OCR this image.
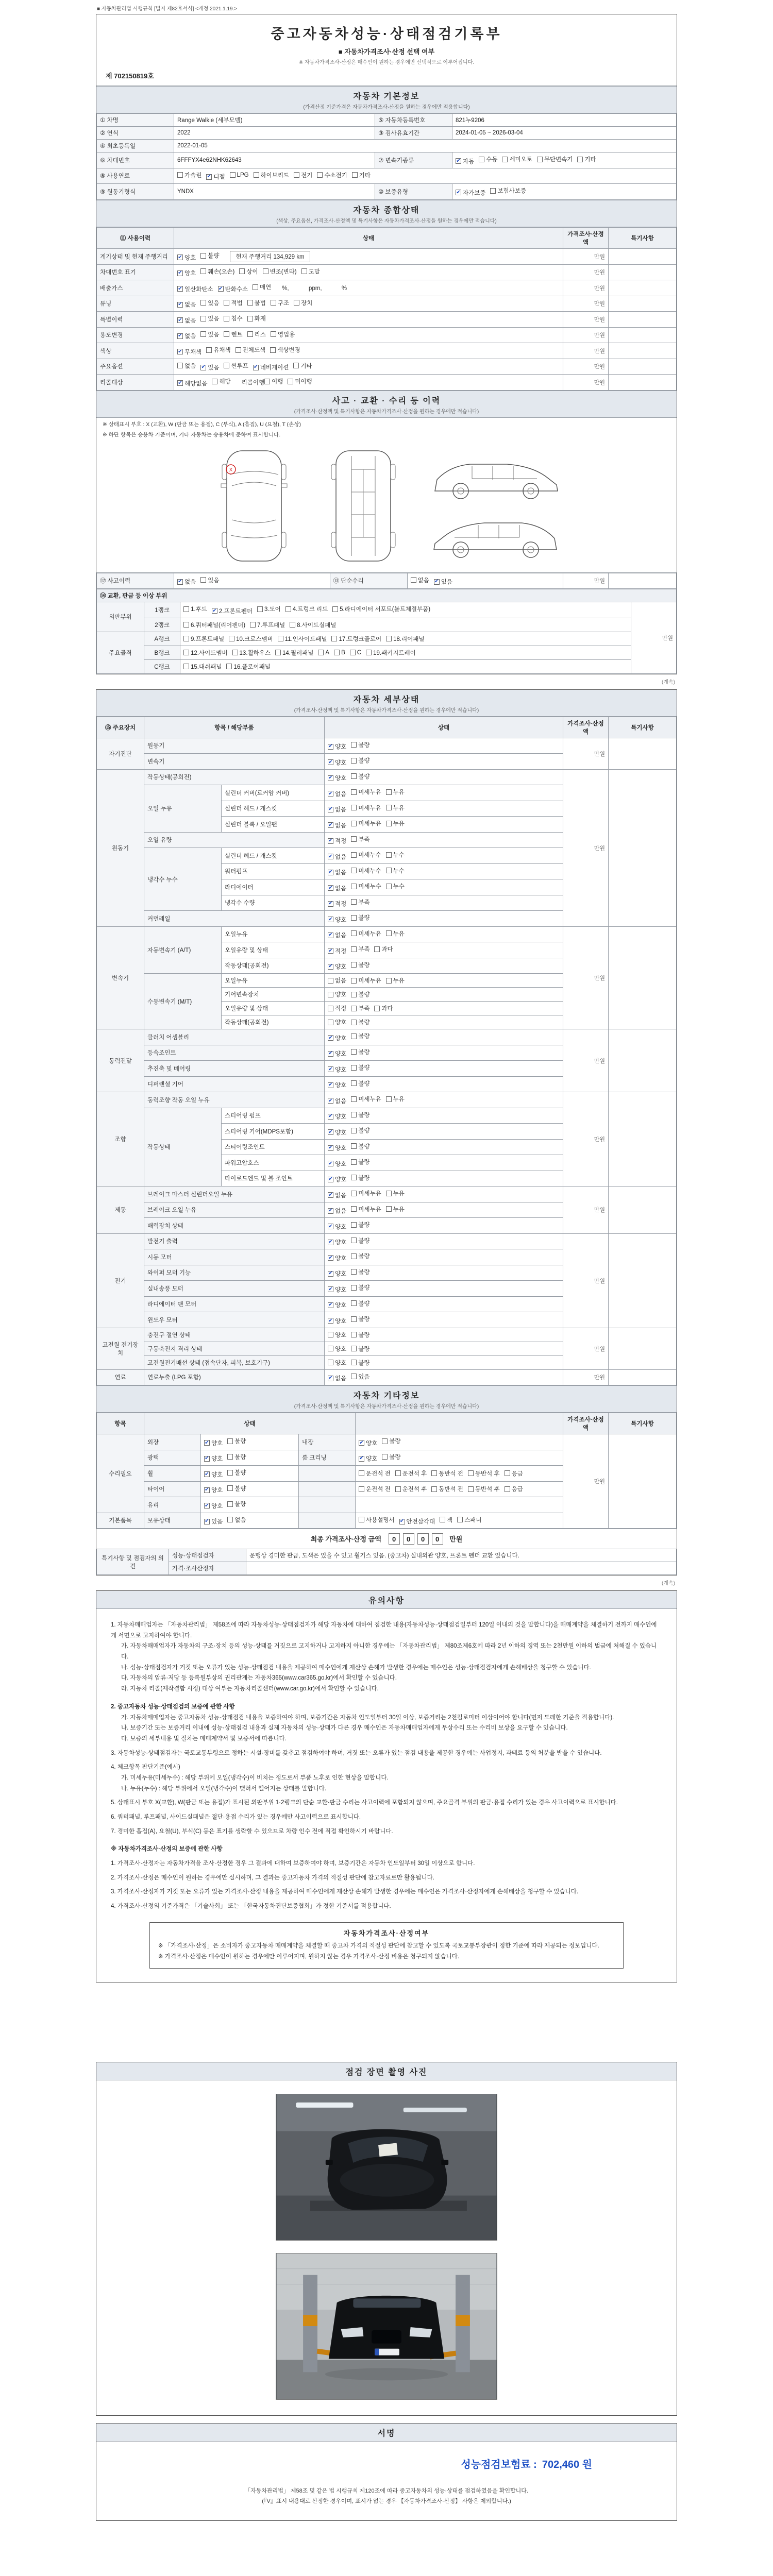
■ 자동차관리법 시행규칙 [별지 제82호서식] <개정 2021.1.19.>
중고자동차성능·상태점검기록부
■ 자동차가격조사·산정 선택 여부
※ 자동차가격조사·산정은 매수인이 원하는 경우에만 선택적으로 이루어집니다.
제 702150819호
자동차 기본정보
(가격산정 기준가격은 자동차가격조사·산정을 원하는 경우에만 적용합니다)
① 차명	Range Walkie (세부모델)	⑤ 자동차등록번호	821누9206
② 연식	2022	③ 검사유효기간	2024-01-05 ~ 2026-03-04
④ 최초등록일	2022-01-05		
⑥ 차대번호	6FFFYX4e62NHK62643	⑦ 변속기종류	✔ 자동 수동 세미오토 무단변속기 기타

⑧ 사용연료	가솔린 ✔ 디젤 LPG 하이브리드 전기 수소전기 기타

⑨ 원동기형식	YNDX	⑩ 보증유형	✔ 자가보증 보험사보증
자동차 종합상태
(색상, 주요옵션, 가격조사·산정액 및 특기사항은 자동차가격조사·산정을 원하는 경우에만 적습니다)
⑪ 사용이력	상태	가격조사·산정액	특기사항
계기상태 및 현재 주행거리	✔ 양호 불량 현재 주행거리 134,929 km	만원	
차대번호 표기	✔ 양호 훼손(오손) 상이 변조(변타) 도말	만원	
배출가스	✔ 일산화탄소 ✔ 탄화수소 매연 %,            ppm,            %	만원	
튜닝	✔ 없음 있음 적법 불법 구조 장치	만원	
특별이력	✔ 없음 있음 침수 화재	만원	
용도변경	✔ 없음 있음 렌트 리스 영업용	만원	
색상	✔ 무채색 유채색 전체도색 색상변경	만원	
주요옵션	없음 ✔ 있음 썬루프 ✔ 네비게이션 기타	만원	
리콜대상	✔ 해당없음 해당 리콜이행 이행 미이행	만원	
사고 · 교환 · 수리 등 이력
(가격조사·산정액 및 특기사항은 자동차가격조사·산정을 원하는 경우에만 적습니다)
※ 상태표시 부호 : X (교환), W (판금 또는 용접), C (부식), A (흠집), U (요철), T (손상)
※ 하단 항목은 승용차 기준이며, 기타 자동차는 승용차에 준하여 표시합니다.
X
⑫ 사고이력	✔ 없음 있음	⑬ 단순수리	없음 ✔ 있음	만원	
⑭ 교환, 판금 등 이상 부위			
외판부위	1랭크	1.후드 ✔ 2.프론트펜더 3.도어 4.트렁크 리드 5.라디에이터 서포트(볼트체결부품)
	만원
	2랭크	6.쿼터패널(리어펜더) 7.루프패널 8.사이드실패널	

주요골격	A랭크	9.프론트패널 10.크로스멤버 11.인사이드패널 17.트렁크플로어 18.리어패널	

B랭크	12.사이드멤버 13.휠하우스 14.필러패널 A B C 19.패키지트레이

	C랭크	15.대쉬패널 16.플로어패널	
(계속)
자동차 세부상태
(가격조사·산정액 및 특기사항은 자동차가격조사·산정을 원하는 경우에만 적습니다)
⑮ 주요장치	항목 / 해당부품		상태	가격조사·산정액	특기사항
자기진단	원동기		✔ 양호 불량	만원	
	변속기		✔ 양호 불량		

원동기	작동상태(공회전)		✔ 양호 불량	만원	
	오일 누유	실린더 커버(로커암 커버)	✔ 없음 미세누유 누유		

		실린더 헤드 / 개스킷	✔ 없음 미세누유 누유		

		실린더 블록 / 오일팬	✔ 없음 미세누유 누유		

	오일 유량		✔ 적정 부족		

	냉각수 누수	실린더 헤드 / 개스킷	✔ 없음 미세누수 누수		

		워터펌프	✔ 없음 미세누수 누수		

		라디에이터	✔ 없음 미세누수 누수		

		냉각수 수량	✔ 적정 부족		

	커먼레일		✔ 양호 불량		

변속기	자동변속기 (A/T)	오일누유	✔ 없음 미세누유 누유	만원	
		오일유량 및 상태	✔ 적정 부족 과다		

		작동상태(공회전)	✔ 양호 불량		

	수동변속기 (M/T)	오일누유	없음 미세누유 누유		

		기어변속장치	양호 불량		

		오일유량 및 상태	적정 부족 과다		

		작동상태(공회전)	양호 불량		

동력전달	클러치 어셈블리		✔ 양호 불량	만원	
	등속조인트		✔ 양호 불량		

	추진축 및 베어링		✔ 양호 불량		

	디퍼렌셜 기어		✔ 양호 불량		

조향	동력조향 작동 오일 누유		✔ 없음 미세누유 누유	만원	
	작동상태	스티어링 펌프	✔ 양호 불량		

		스티어링 기어(MDPS포함)	✔ 양호 불량		

		스티어링조인트	✔ 양호 불량		

		파워고압호스	✔ 양호 불량		

		타이로드엔드 및 볼 조인트	✔ 양호 불량		

제동	브레이크 마스터 실린더오일 누유		✔ 없음 미세누유 누유	만원	
	브레이크 오일 누유		✔ 없음 미세누유 누유		

	배력장치 상태		✔ 양호 불량		

전기	발전기 출력		✔ 양호 불량	만원	
	시동 모터		✔ 양호 불량		

	와이퍼 모터 기능		✔ 양호 불량		

	실내송풍 모터		✔ 양호 불량		

	라디에이터 팬 모터		✔ 양호 불량		

	윈도우 모터		✔ 양호 불량		

고전원 전기장치	충전구 절연 상태		양호 불량	만원	
	구동축전지 격리 상태		양호 불량		

	고전원전기배선 상태 (접속단자, 피복, 보호기구)		양호 불량		

연료	연료누출 (LPG 포함)		✔ 없음 있음	만원	
자동차 기타정보
(가격조사·산정액 및 특기사항은 자동차가격조사·산정을 원하는 경우에만 적습니다)
항목	상태				가격조사·산정액	특기사항
수리필요	외장	✔ 양호 불량	내장	✔ 양호 불량	만원	
	광택	✔ 양호 불량	룸 크리닝	✔ 양호 불량		

	휠	✔ 양호 불량		운전석 전 운전석 후 동반석 전 동반석 후 응급		

	타이어	✔ 양호 불량		운전석 전 운전석 후 동반석 전 동반석 후 응급		

	유리	✔ 양호 불량				

기본품목	보유상태	✔ 있음 없음		사용설명서 ✔ 안전삼각대 잭 스패너		
최종 가격조사·산정 금액 0 0 0 0 만원
특기사항 및 점검자의 의견	성능·상태점검자	운행상 경미한 판금, 도색은 있을 수 있고 휠기스 있음. (중고차) 실내외관 양호, 프론트 펜더 교환 있습니다.
	가격·조사산정자	
(계속)
유의사항
1. 자동차매매업자는 「자동차관리법」 제58조에 따라 자동차성능·상태점검자가 해당 자동차에 대하여 점검한 내용(자동차성능·상태점검일부터 120일 이내의 것을 말합니다)을 매매계약을 체결하기 전까지 매수인에게 서면으로 고지하여야 합니다.
가. 자동차매매업자가 자동차의 구조·장치 등의 성능·상태를 거짓으로 고지하거나 고지하지 아니한 경우에는 「자동차관리법」 제80조제6호에 따라 2년 이하의 징역 또는 2천만원 이하의 벌금에 처해질 수 있습니다.
나. 성능·상태점검자가 거짓 또는 오류가 있는 성능·상태점검 내용을 제공하여 매수인에게 재산상 손해가 발생한 경우에는 매수인은 성능·상태점검자에게 손해배상을 청구할 수 있습니다.
다. 자동차의 압류·저당 등 등록원부상의 권리관계는 자동차365(www.car365.go.kr)에서 확인할 수 있습니다.
라. 자동차 리콜(제작결함 시정) 대상 여부는 자동차리콜센터(www.car.go.kr)에서 확인할 수 있습니다.
2. 중고자동차 성능·상태점검의 보증에 관한 사항
가. 자동차매매업자는 중고자동차 성능·상태점검 내용을 보증하여야 하며, 보증기간은 자동차 인도일부터 30일 이상, 보증거리는 2천킬로미터 이상이어야 합니다(먼저 도래한 기준을 적용합니다).
나. 보증기간 또는 보증거리 이내에 성능·상태점검 내용과 실제 자동차의 성능·상태가 다른 경우 매수인은 자동차매매업자에게 무상수리 또는 수리비 보상을 요구할 수 있습니다.
다. 보증의 세부내용 및 절차는 매매계약서 및 보증서에 따릅니다.
3. 자동차성능·상태점검자는 국토교통부령으로 정하는 시설·장비를 갖추고 점검하여야 하며, 거짓 또는 오류가 있는 점검 내용을 제공한 경우에는 사업정지, 과태료 등의 처분을 받을 수 있습니다.
4. 체크항목 판단기준(예시)
가. 미세누유(미세누수) : 해당 부위에 오일(냉각수)이 비치는 정도로서 부품 노후로 인한 현상을 말합니다.
나. 누유(누수) : 해당 부위에서 오일(냉각수)이 맺혀서 떨어지는 상태를 말합니다.
5. 상태표시 부호 X(교환), W(판금 또는 용접)가 표시된 외판부위 1·2랭크의 단순 교환·판금 수리는 사고이력에 포함되지 않으며, 주요골격 부위의 판금·용접 수리가 있는 경우 사고이력으로 표시합니다.
6. 쿼터패널, 루프패널, 사이드실패널은 절단·용접 수리가 있는 경우에만 사고이력으로 표시합니다.
7. 경미한 흠집(A), 요철(U), 부식(C) 등은 표기를 생략할 수 있으므로 차량 인수 전에 직접 확인하시기 바랍니다.
※ 자동차가격조사·산정의 보증에 관한 사항
1. 가격조사·산정자는 자동차가격을 조사·산정한 경우 그 결과에 대하여 보증하여야 하며, 보증기간은 자동차 인도일부터 30일 이상으로 합니다.
2. 가격조사·산정은 매수인이 원하는 경우에만 실시하며, 그 결과는 중고자동차 가격의 적절성 판단에 참고자료로만 활용됩니다.
3. 가격조사·산정자가 거짓 또는 오류가 있는 가격조사·산정 내용을 제공하여 매수인에게 재산상 손해가 발생한 경우에는 매수인은 가격조사·산정자에게 손해배상을 청구할 수 있습니다.
4. 가격조사·산정의 기준가격은 「기술사회」 또는 「한국자동차진단보증협회」가 정한 기준서를 적용합니다.
자동차가격조사·산정여부
※ 「가격조사·산정」은 소비자가 중고자동차 매매계약을 체결할 때 중고차 가격의 적절성 판단에 참고할 수 있도록 국토교통부장관이 정한 기준에 따라 제공되는 정보입니다.
※ 가격조사·산정은 매수인이 원하는 경우에만 이루어지며, 원하지 않는 경우 가격조사·산정 비용은 청구되지 않습니다.
점검 장면 촬영 사진
서명
성능점검보험료 : 702,460 원
「자동차관리법」 제58조 및 같은 법 시행규칙 제120조에 따라 중고자동차의 성능·상태를 점검하였음을 확인합니다.
(『V』표시 내용대로 산정한 경우이며, 표시가 없는 경우 【자동차가격조사·산정】 사항은 제외합니다.)
